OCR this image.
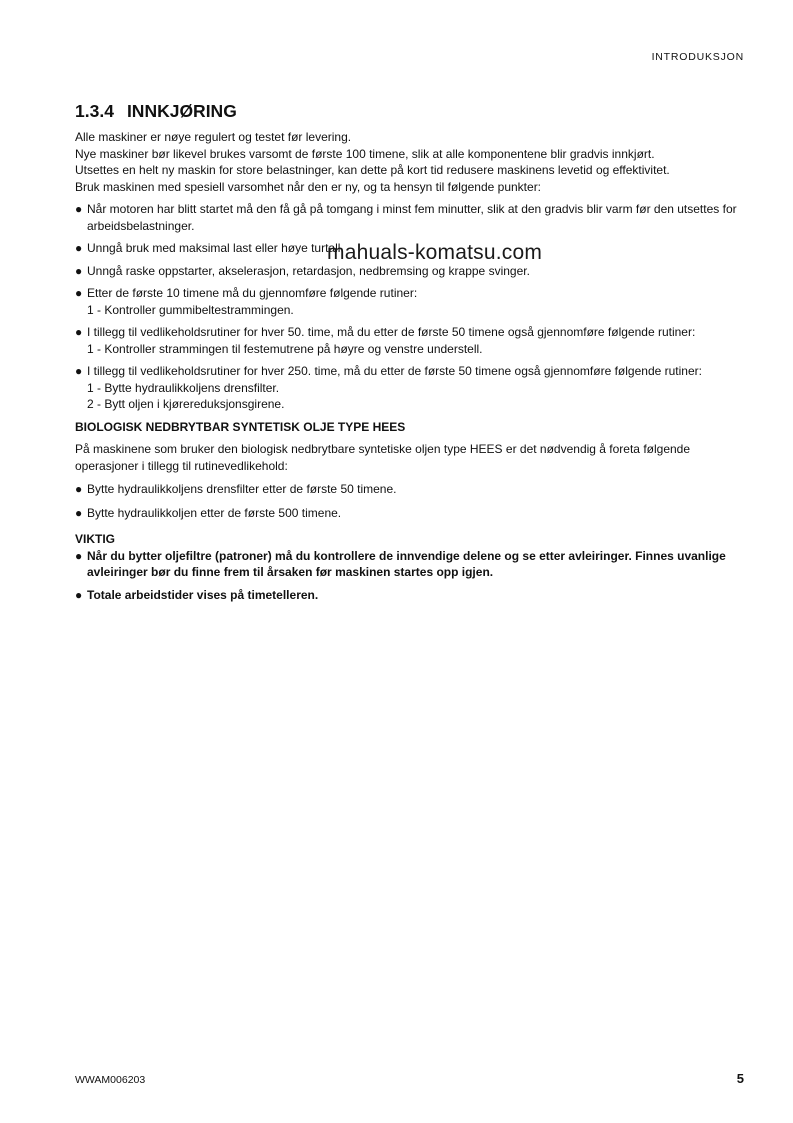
INTRODUKSJON
1.3.4 INNKJØRING

Alle maskiner er nøye regulert og testet før levering.

Nye maskiner bør likevel brukes varsomt de første 100 timene, slik at alle komponentene blir gradvis innkjørt.

Utsettes en helt ny maskin for store belastninger, kan dette på kort tid redusere maskinens levetid og effektivitet.

Bruk maskinen med spesiell varsomhet når den er ny, og ta hensyn til følgende punkter:

● Når motoren har blitt startet må den få gå på tomgang i minst fem minutter, slik at den gradvis blir varm før den utsettes for arbeidsbelastninger.
● Unngå bruk med maksimal last eller høye turtall.
● Unngå raske oppstarter, akselerasjon, retardasjon, nedbremsing og krappe svinger.
● Etter de første 10 timene må du gjennomføre følgende rutiner:
1 - Kontroller gummibeltestrammingen.
● I tillegg til vedlikeholdsrutiner for hver 50. time, må du etter de første 50 timene også gjennomføre følgende rutiner:
1 - Kontroller strammingen til festemutrene på høyre og venstre understell.
● I tillegg til vedlikeholdsrutiner for hver 250. time, må du etter de første 50 timene også gjennomføre følgende rutiner:
1 - Bytte hydraulikkoljens drensfilter.
2 - Bytt oljen i kjørereduksjonsgirene.

BIOLOGISK NEDBRYTBAR SYNTETISK OLJE TYPE HEES

På maskinene som bruker den biologisk nedbrytbare syntetiske oljen type HEES er det nødvendig å foreta følgende operasjoner i tillegg til rutinevedlikehold:

● Bytte hydraulikkoljens drensfilter etter de første 50 timene.
● Bytte hydraulikkoljen etter de første 500 timene.

VIKTIG

● Når du bytter oljefiltre (patroner) må du kontrollere de innvendige delene og se etter avleiringer. Finnes uvanlige avleiringer bør du finne frem til årsaken før maskinen startes opp igjen.
● Totale arbeidstider vises på timetelleren.
mahuals-komatsu.com
WWAM006203	5
